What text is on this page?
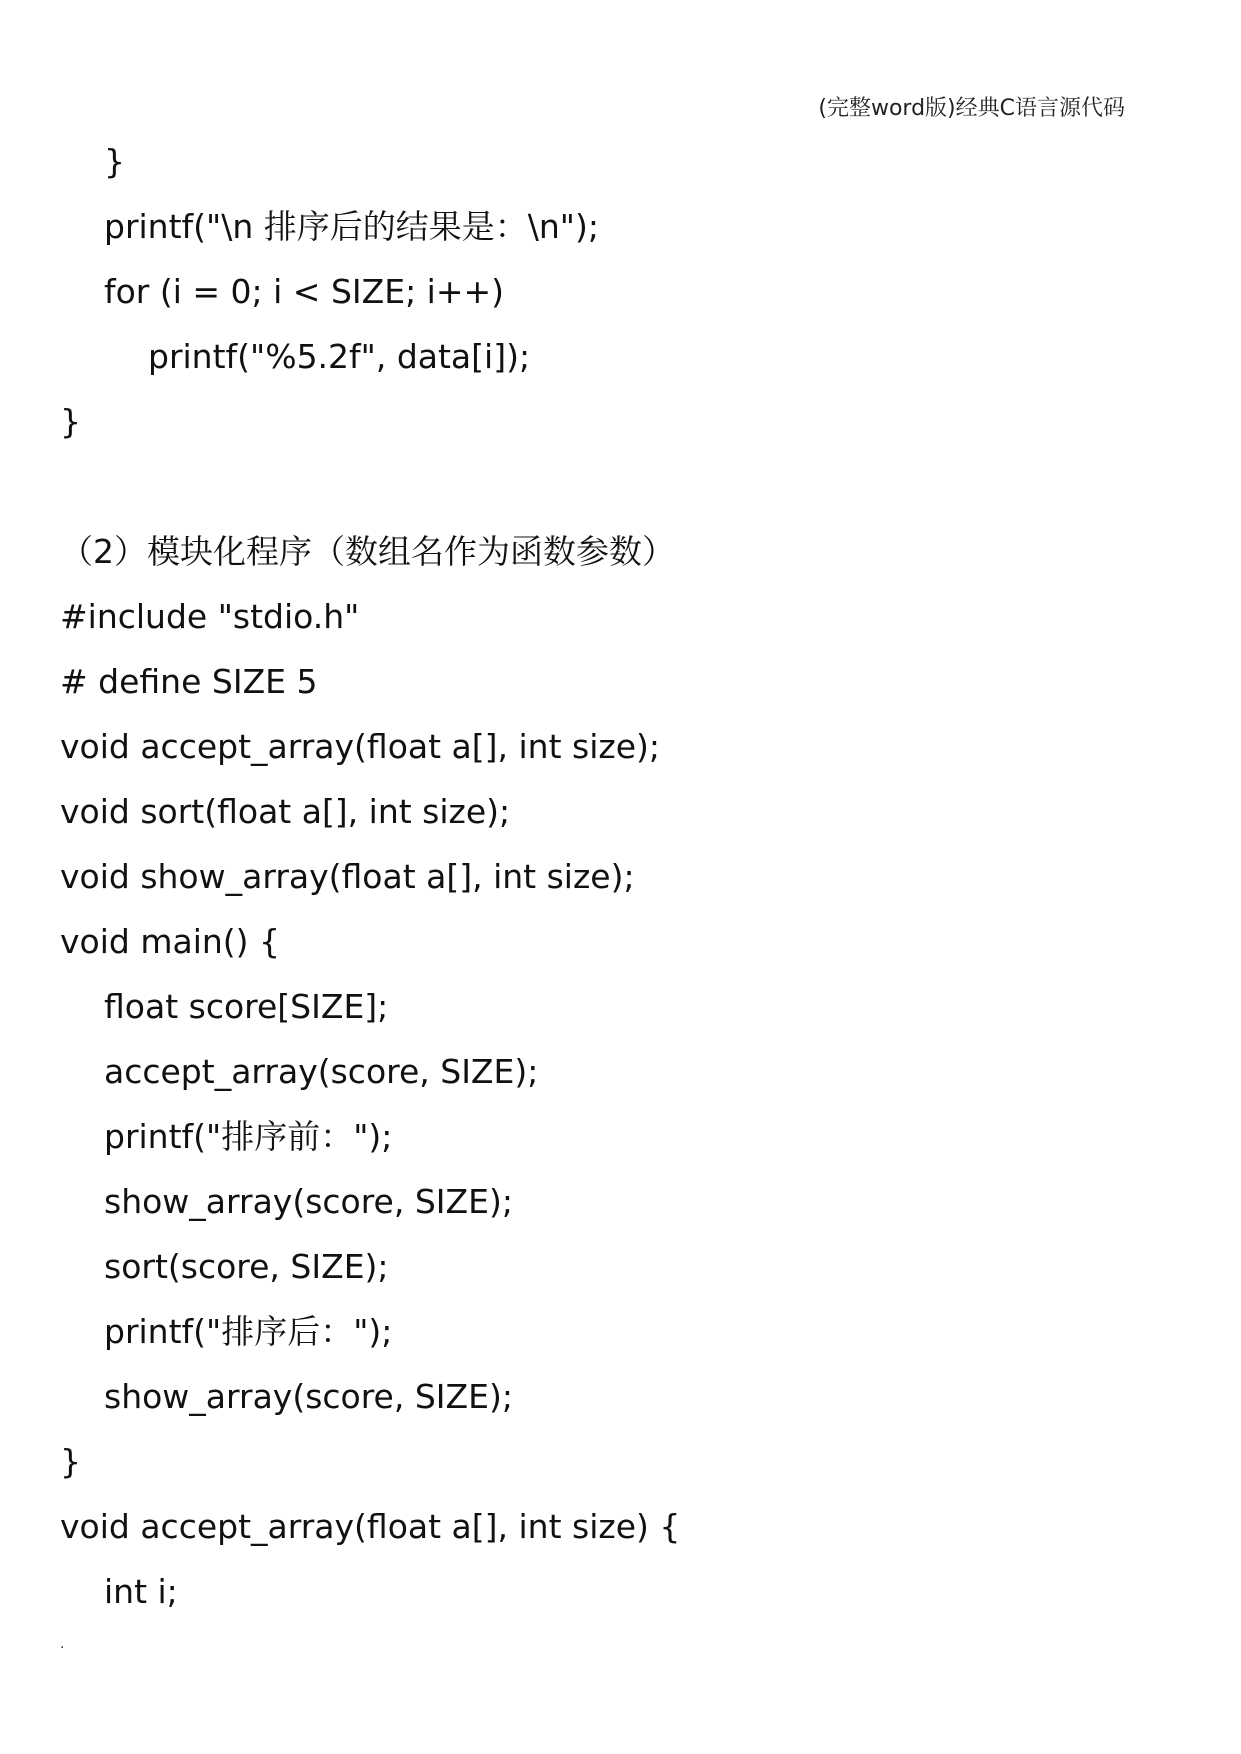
(完整word版)经典C语言源代码
}
printf("\n 排序后的结果是：\n");
for (i = 0; i < SIZE; i++)
printf("%5.2f", data[i]);
}
（2）模块化程序（数组名作为函数参数）
#include "stdio.h"
# define SIZE 5
void accept_array(float a[], int size);
void sort(float a[], int size);
void show_array(float a[], int size);
void main() {
float score[SIZE];
accept_array(score, SIZE);
printf("排序前：");
show_array(score, SIZE);
sort(score, SIZE);
printf("排序后：");
show_array(score, SIZE);
}
void accept_array(float a[], int size) {
int i;
.
